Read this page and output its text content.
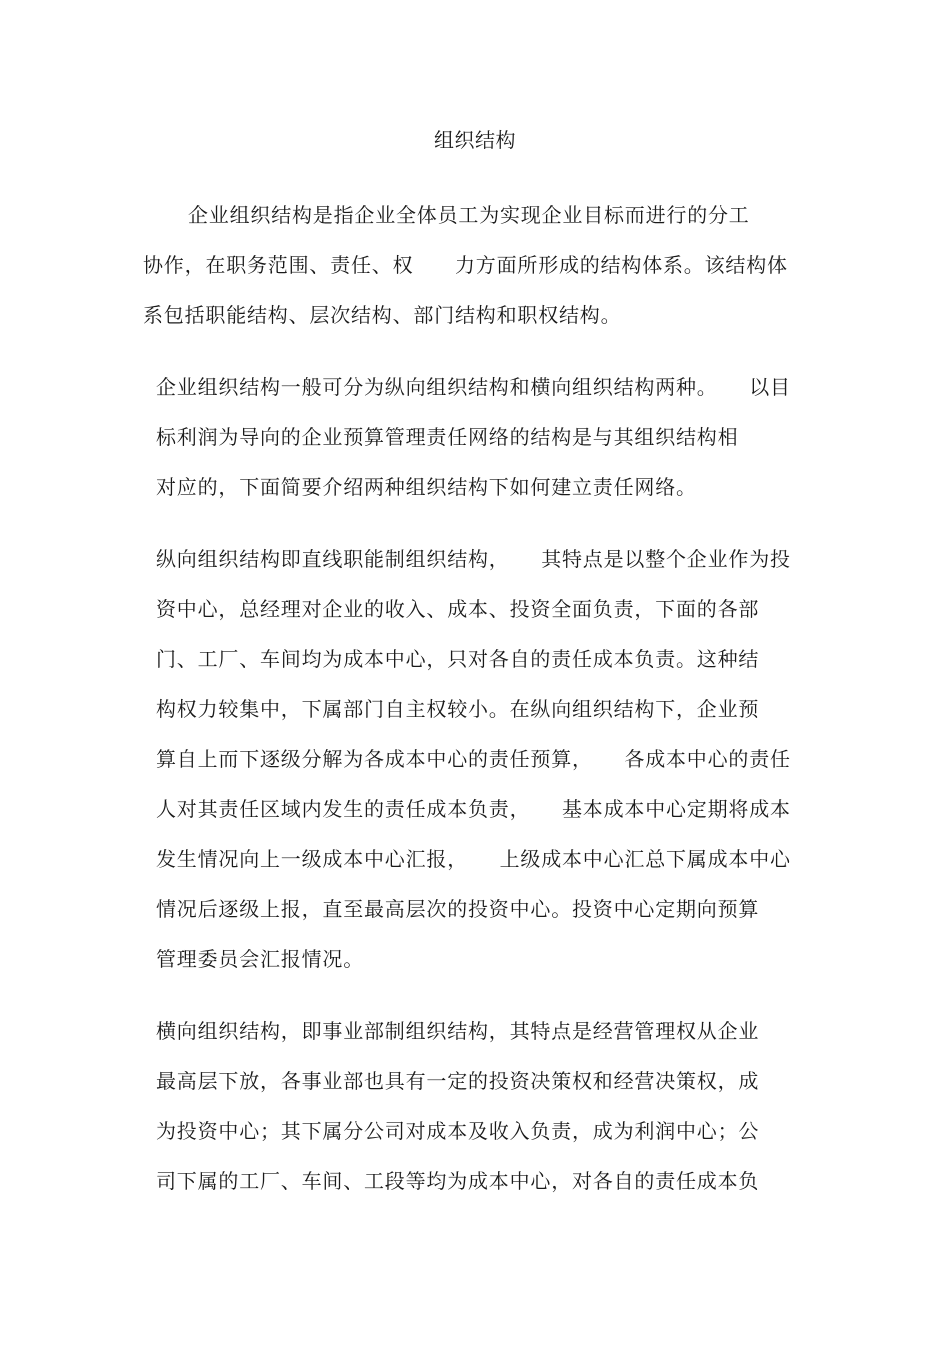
组织结构
企业组织结构是指企业全体员工为实现企业目标而进行的分工
协作，在职务范围、责任、权　　力方面所形成的结构体系。该结构体
系包括职能结构、层次结构、部门结构和职权结构。
企业组织结构一般可分为纵向组织结构和横向组织结构两种。　　以目
标利润为导向的企业预算管理责任网络的结构是与其组织结构相
对应的，下面简要介绍两种组织结构下如何建立责任网络。
纵向组织结构即直线职能制组织结构，　　其特点是以整个企业作为投
资中心，总经理对企业的收入、成本、投资全面负责，下面的各部
门、工厂、车间均为成本中心，只对各自的责任成本负责。这种结
构权力较集中，下属部门自主权较小。在纵向组织结构下，企业预
算自上而下逐级分解为各成本中心的责任预算，　　各成本中心的责任
人对其责任区域内发生的责任成本负责，　　基本成本中心定期将成本
发生情况向上一级成本中心汇报，　　上级成本中心汇总下属成本中心
情况后逐级上报，直至最高层次的投资中心。投资中心定期向预算
管理委员会汇报情况。
横向组织结构，即事业部制组织结构，其特点是经营管理权从企业
最高层下放，各事业部也具有一定的投资决策权和经营决策权，成
为投资中心；其下属分公司对成本及收入负责，成为利润中心；公
司下属的工厂、车间、工段等均为成本中心，对各自的责任成本负
